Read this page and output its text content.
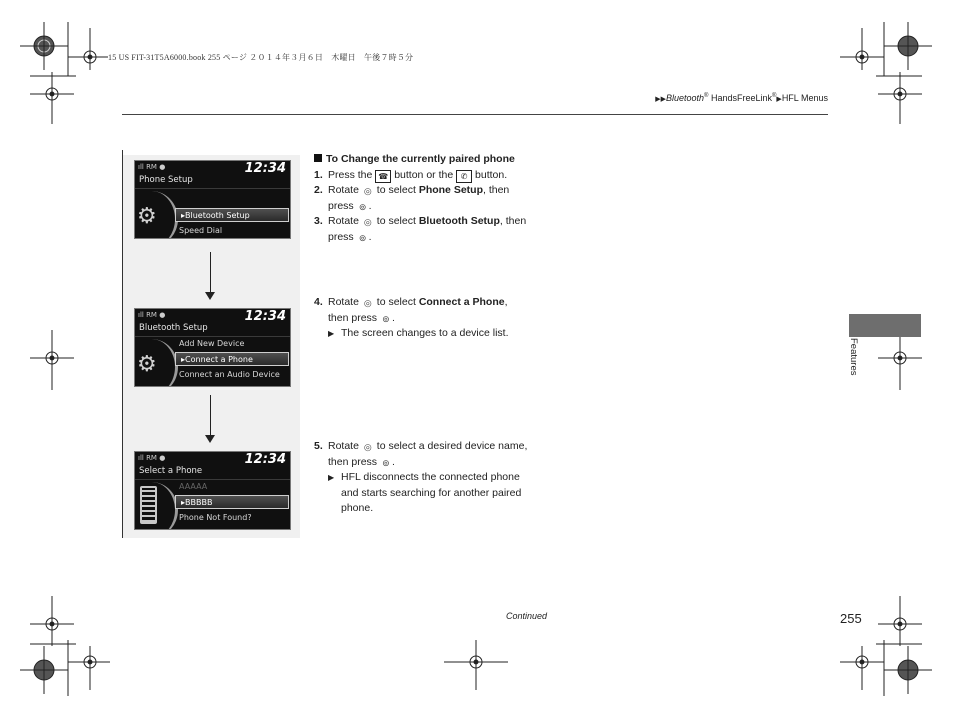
15 US FIT-31T5A6000.book 255 ページ ２０１４年３月６日　木曜日　午後７時５分
▶▶Bluetooth® HandsFreeLink®▶HFL Menus
ıll RM ●	12:34
Phone Setup
⚙	▸Bluetooth Setup
Speed Dial
ıll RM ●	12:34
Bluetooth Setup
⚙
Add New Device
▸Connect a Phone
Connect an Audio Device
ıll RM ●	12:34
Select a Phone
AAAAA
▸BBBBB
Phone Not Found?
To Change the currently paired phone
1. Press the ☎ button or the ✆ button.
2. Rotate ◎ to select Phone Setup, then
press ⊚ .
3. Rotate ◎ to select Bluetooth Setup, then
press ⊚ .
4. Rotate ◎ to select Connect a Phone,
then press ⊚ .
▶ The screen changes to a device list.
5. Rotate ◎ to select a desired device name,
then press ⊚ .
▶ HFL disconnects the connected phone
and starts searching for another paired
phone.
Continued	255
Features
